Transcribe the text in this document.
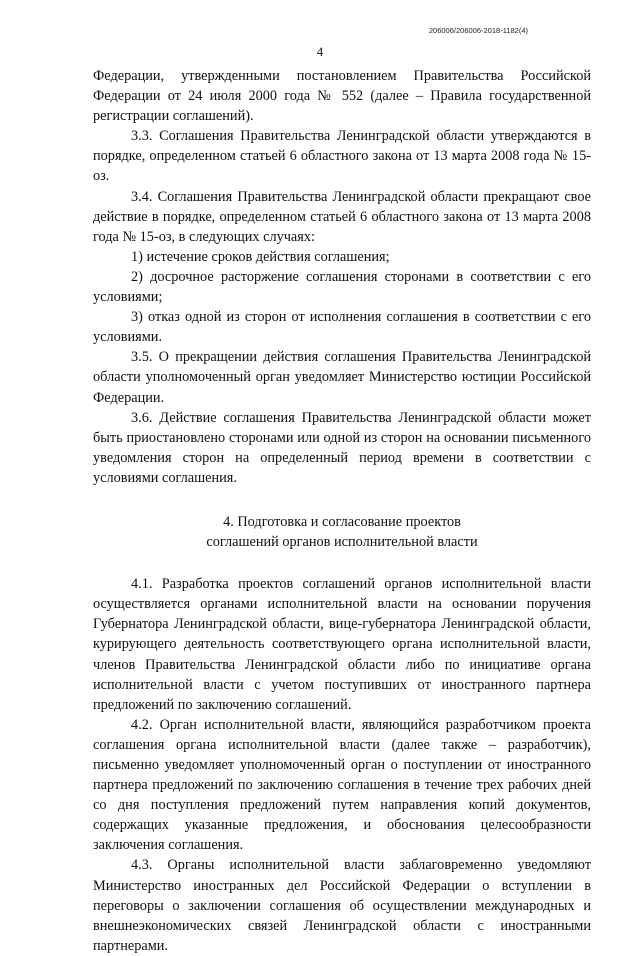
206006/206006-2018-1182(4)
4

Федерации, утвержденными постановлением Правительства Российской Федерации от 24 июля 2000 года № 552 (далее – Правила государственной регистрации соглашений).

3.3. Соглашения Правительства Ленинградской области утверждаются в порядке, определенном статьей 6 областного закона от 13 марта 2008 года № 15-оз.

3.4. Соглашения Правительства Ленинградской области прекращают свое действие в порядке, определенном статьей 6 областного закона от 13 марта 2008 года № 15-оз, в следующих случаях:

1) истечение сроков действия соглашения;

2) досрочное расторжение соглашения сторонами в соответствии с его условиями;

3) отказ одной из сторон от исполнения соглашения в соответствии с его условиями.

3.5. О прекращении действия соглашения Правительства Ленинградской области уполномоченный орган уведомляет Министерство юстиции Российской Федерации.

3.6. Действие соглашения Правительства Ленинградской области может быть приостановлено сторонами или одной из сторон на основании письменного уведомления сторон на определенный период времени в соответствии с условиями соглашения.

4. Подготовка и согласование проектов
соглашений органов исполнительной власти

4.1. Разработка проектов соглашений органов исполнительной власти осуществляется органами исполнительной власти на основании поручения Губернатора Ленинградской области, вице-губернатора Ленинградской области, курирующего деятельность соответствующего органа исполнительной власти, членов Правительства Ленинградской области либо по инициативе органа исполнительной власти с учетом поступивших от иностранного партнера предложений по заключению соглашений.

4.2. Орган исполнительной власти, являющийся разработчиком проекта соглашения органа исполнительной власти (далее также – разработчик), письменно уведомляет уполномоченный орган о поступлении от иностранного партнера предложений по заключению соглашения в течение трех рабочих дней со дня поступления предложений путем направления копий документов, содержащих указанные предложения, и обоснования целесообразности заключения соглашения.

4.3. Органы исполнительной власти заблаговременно уведомляют Министерство иностранных дел Российской Федерации о вступлении в переговоры о заключении соглашения об осуществлении международных и внешнеэкономических связей Ленинградской области с иностранными партнерами.
